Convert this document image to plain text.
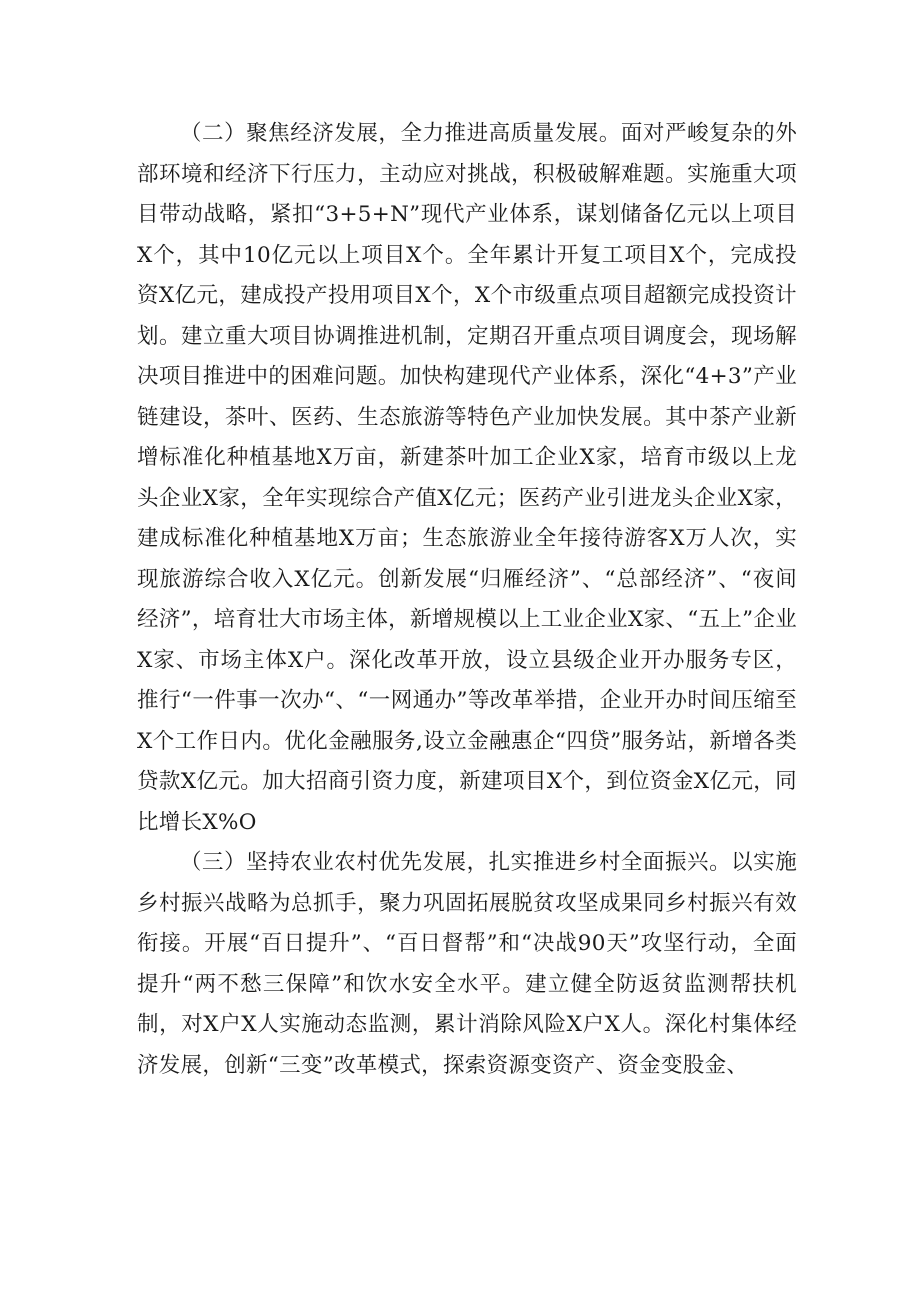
（二）聚焦经济发展，全力推进高质量发展。面对严峻复杂的外部环境和经济下行压力，主动应对挑战，积极破解难题。实施重大项目带动战略，紧扣“3+5+N”现代产业体系，谋划储备亿元以上项目X个，其中10亿元以上项目X个。全年累计开复工项目X个，完成投资X亿元，建成投产投用项目X个，X个市级重点项目超额完成投资计划。建立重大项目协调推进机制，定期召开重点项目调度会，现场解决项目推进中的困难问题。加快构建现代产业体系，深化“4+3”产业链建设，茶叶、医药、生态旅游等特色产业加快发展。其中茶产业新增标准化种植基地X万亩，新建茶叶加工企业X家，培育市级以上龙头企业X家，全年实现综合产值X亿元；医药产业引进龙头企业X家，建成标准化种植基地X万亩；生态旅游业全年接待游客X万人次，实现旅游综合收入X亿元。创新发展“归雁经济”、“总部经济”、“夜间经济”，培育壮大市场主体，新增规模以上工业企业X家、“五上”企业X家、市场主体X户。深化改革开放，设立县级企业开办服务专区，推行“一件事一次办“、“一网通办”等改革举措，企业开办时间压缩至X个工作日内。优化金融服务,设立金融惠企“四贷”服务站，新增各类贷款X亿元。加大招商引资力度，新建项目X个，到位资金X亿元，同比增长X%O

（三）坚持农业农村优先发展，扎实推进乡村全面振兴。以实施乡村振兴战略为总抓手，聚力巩固拓展脱贫攻坚成果同乡村振兴有效衔接。开展“百日提升”、“百日督帮”和“决战90天”攻坚行动，全面提升“两不愁三保障”和饮水安全水平。建立健全防返贫监测帮扶机制，对X户X人实施动态监测，累计消除风险X户X人。深化村集体经济发展，创新“三变”改革模式，探索资源变资产、资金变股金、
